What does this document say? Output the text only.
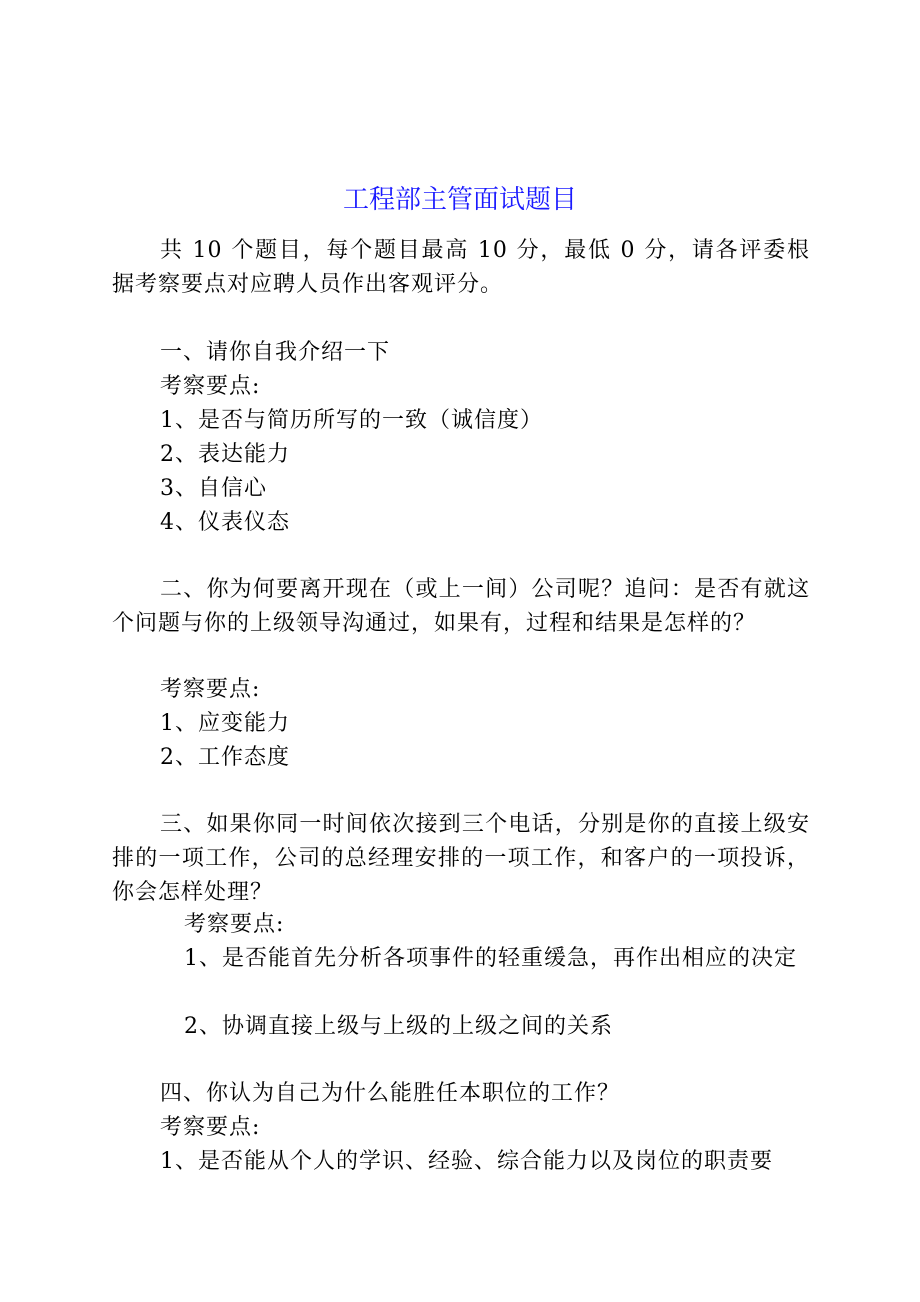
工程部主管面试题目
共 10 个题目，每个题目最高 10 分，最低 0 分，请各评委根据考察要点对应聘人员作出客观评分。
一、请你自我介绍一下
考察要点:
1、是否与简历所写的一致（诚信度）
2、表达能力
3、自信心
4、仪表仪态
二、你为何要离开现在（或上一间）公司呢？追问：是否有就这个问题与你的上级领导沟通过，如果有，过程和结果是怎样的？
考察要点:
1、应变能力
2、工作态度
三、如果你同一时间依次接到三个电话，分别是你的直接上级安排的一项工作，公司的总经理安排的一项工作，和客户的一项投诉，你会怎样处理？
考察要点:
1、是否能首先分析各项事件的轻重缓急，再作出相应的决定
2、协调直接上级与上级的上级之间的关系
四、你认为自己为什么能胜任本职位的工作？
考察要点:
1、是否能从个人的学识、经验、综合能力以及岗位的职责要
